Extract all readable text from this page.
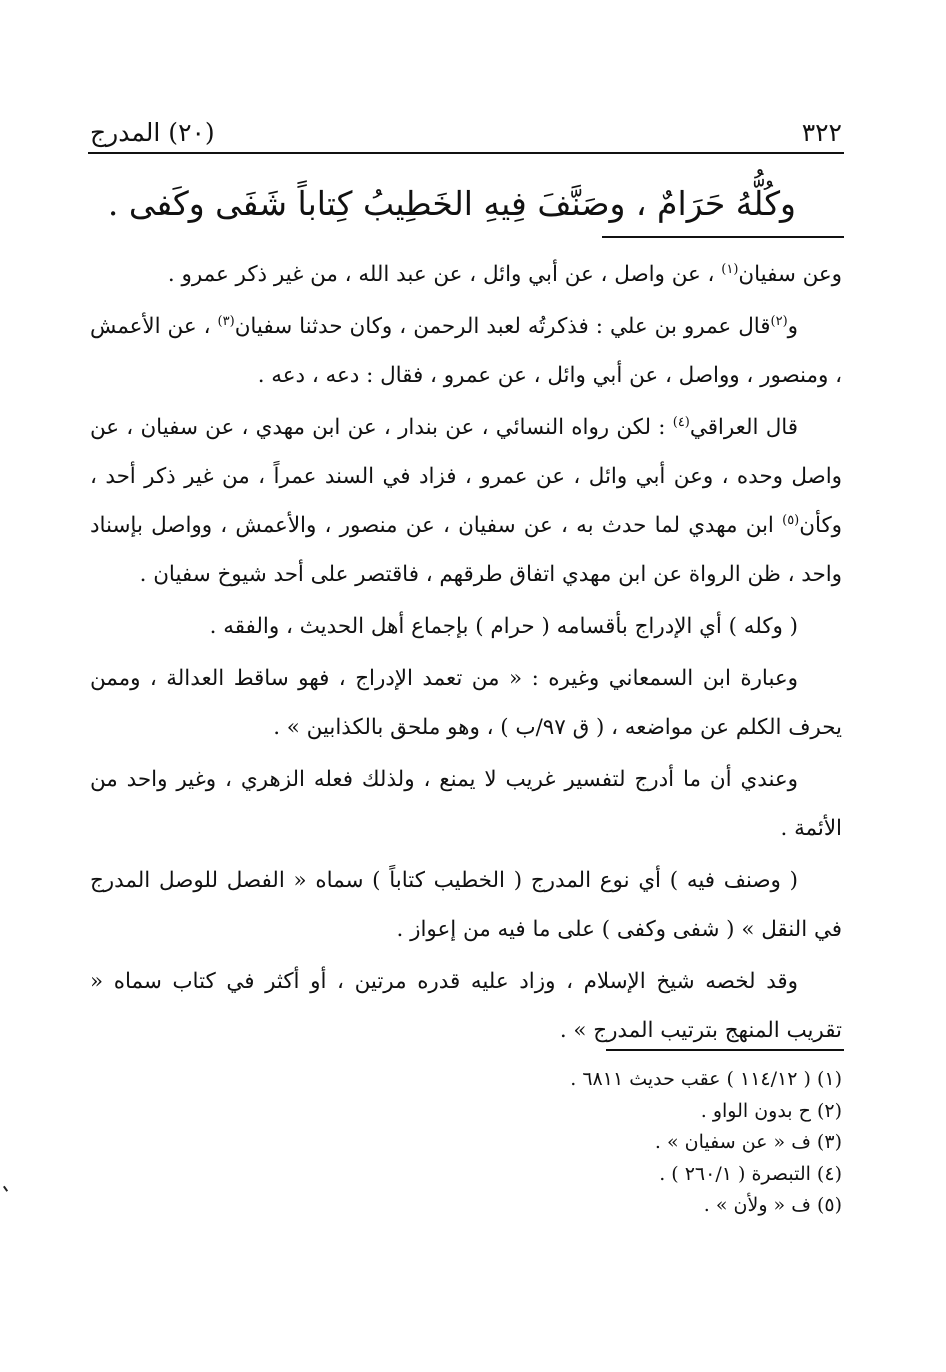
٣٢٢
(٢٠) المدرج
وكُلُّهُ حَرَامٌ ، وصَنَّفَ فِيهِ الخَطِيبُ كِتاباً شَفَى وكَفى .

وعن سفيان$^{(١)}$ ، عن واصل ، عن أبي وائل ، عن عبد الله ، من غير ذكر عمرو .

و$^{(٢)}$قال عمرو بن علي : فذكرتُه لعبد الرحمن ، وكان حدثنا سفيان$^{(٣)}$ ، عن الأعمش ، ومنصور ، وواصل ، عن أبي وائل ، عن عمرو ، فقال : دعه ، دعه .

قال العراقي$^{(٤)}$ : لكن رواه النسائي ، عن بندار ، عن ابن مهدي ، عن سفيان ، عن واصل وحده ، وعن أبي وائل ، عن عمرو ، فزاد في السند عمراً ، من غير ذكر أحد ، وكأن$^{(٥)}$ ابن مهدي لما حدث به ، عن سفيان ، عن منصور ، والأعمش ، وواصل بإسناد واحد ، ظن الرواة عن ابن مهدي اتفاق طرقهم ، فاقتصر على أحد شيوخ سفيان .

( وكله ) أي الإدراج بأقسامه ( حرام ) بإجماع أهل الحديث ، والفقه .

وعبارة ابن السمعاني وغيره : « من تعمد الإدراج ، فهو ساقط العدالة ، وممن يحرف الكلم عن مواضعه ، ( ق ٩٧/ب ) ، وهو ملحق بالكذابين » .

وعندي أن ما أدرج لتفسير غريب لا يمنع ، ولذلك فعله الزهري ، وغير واحد من الأئمة .

( وصنف فيه ) أي نوع المدرج ( الخطيب كتاباً ) سماه « الفصل للوصل المدرج في النقل » ( شفى وكفى ) على ما فيه من إعواز .

وقد لخصه شيخ الإسلام ، وزاد عليه قدره مرتين ، أو أكثر في كتاب سماه « تقريب المنهج بترتيب المدرج » .

(١) ( ١١٤/١٢ ) عقب حديث ٦٨١١ .
(٢) ح بدون الواو .
(٣) ف « عن سفيان » .
(٤) التبصرة ( ٢٦٠/١ ) .
(٥) ف « ولأن » .
